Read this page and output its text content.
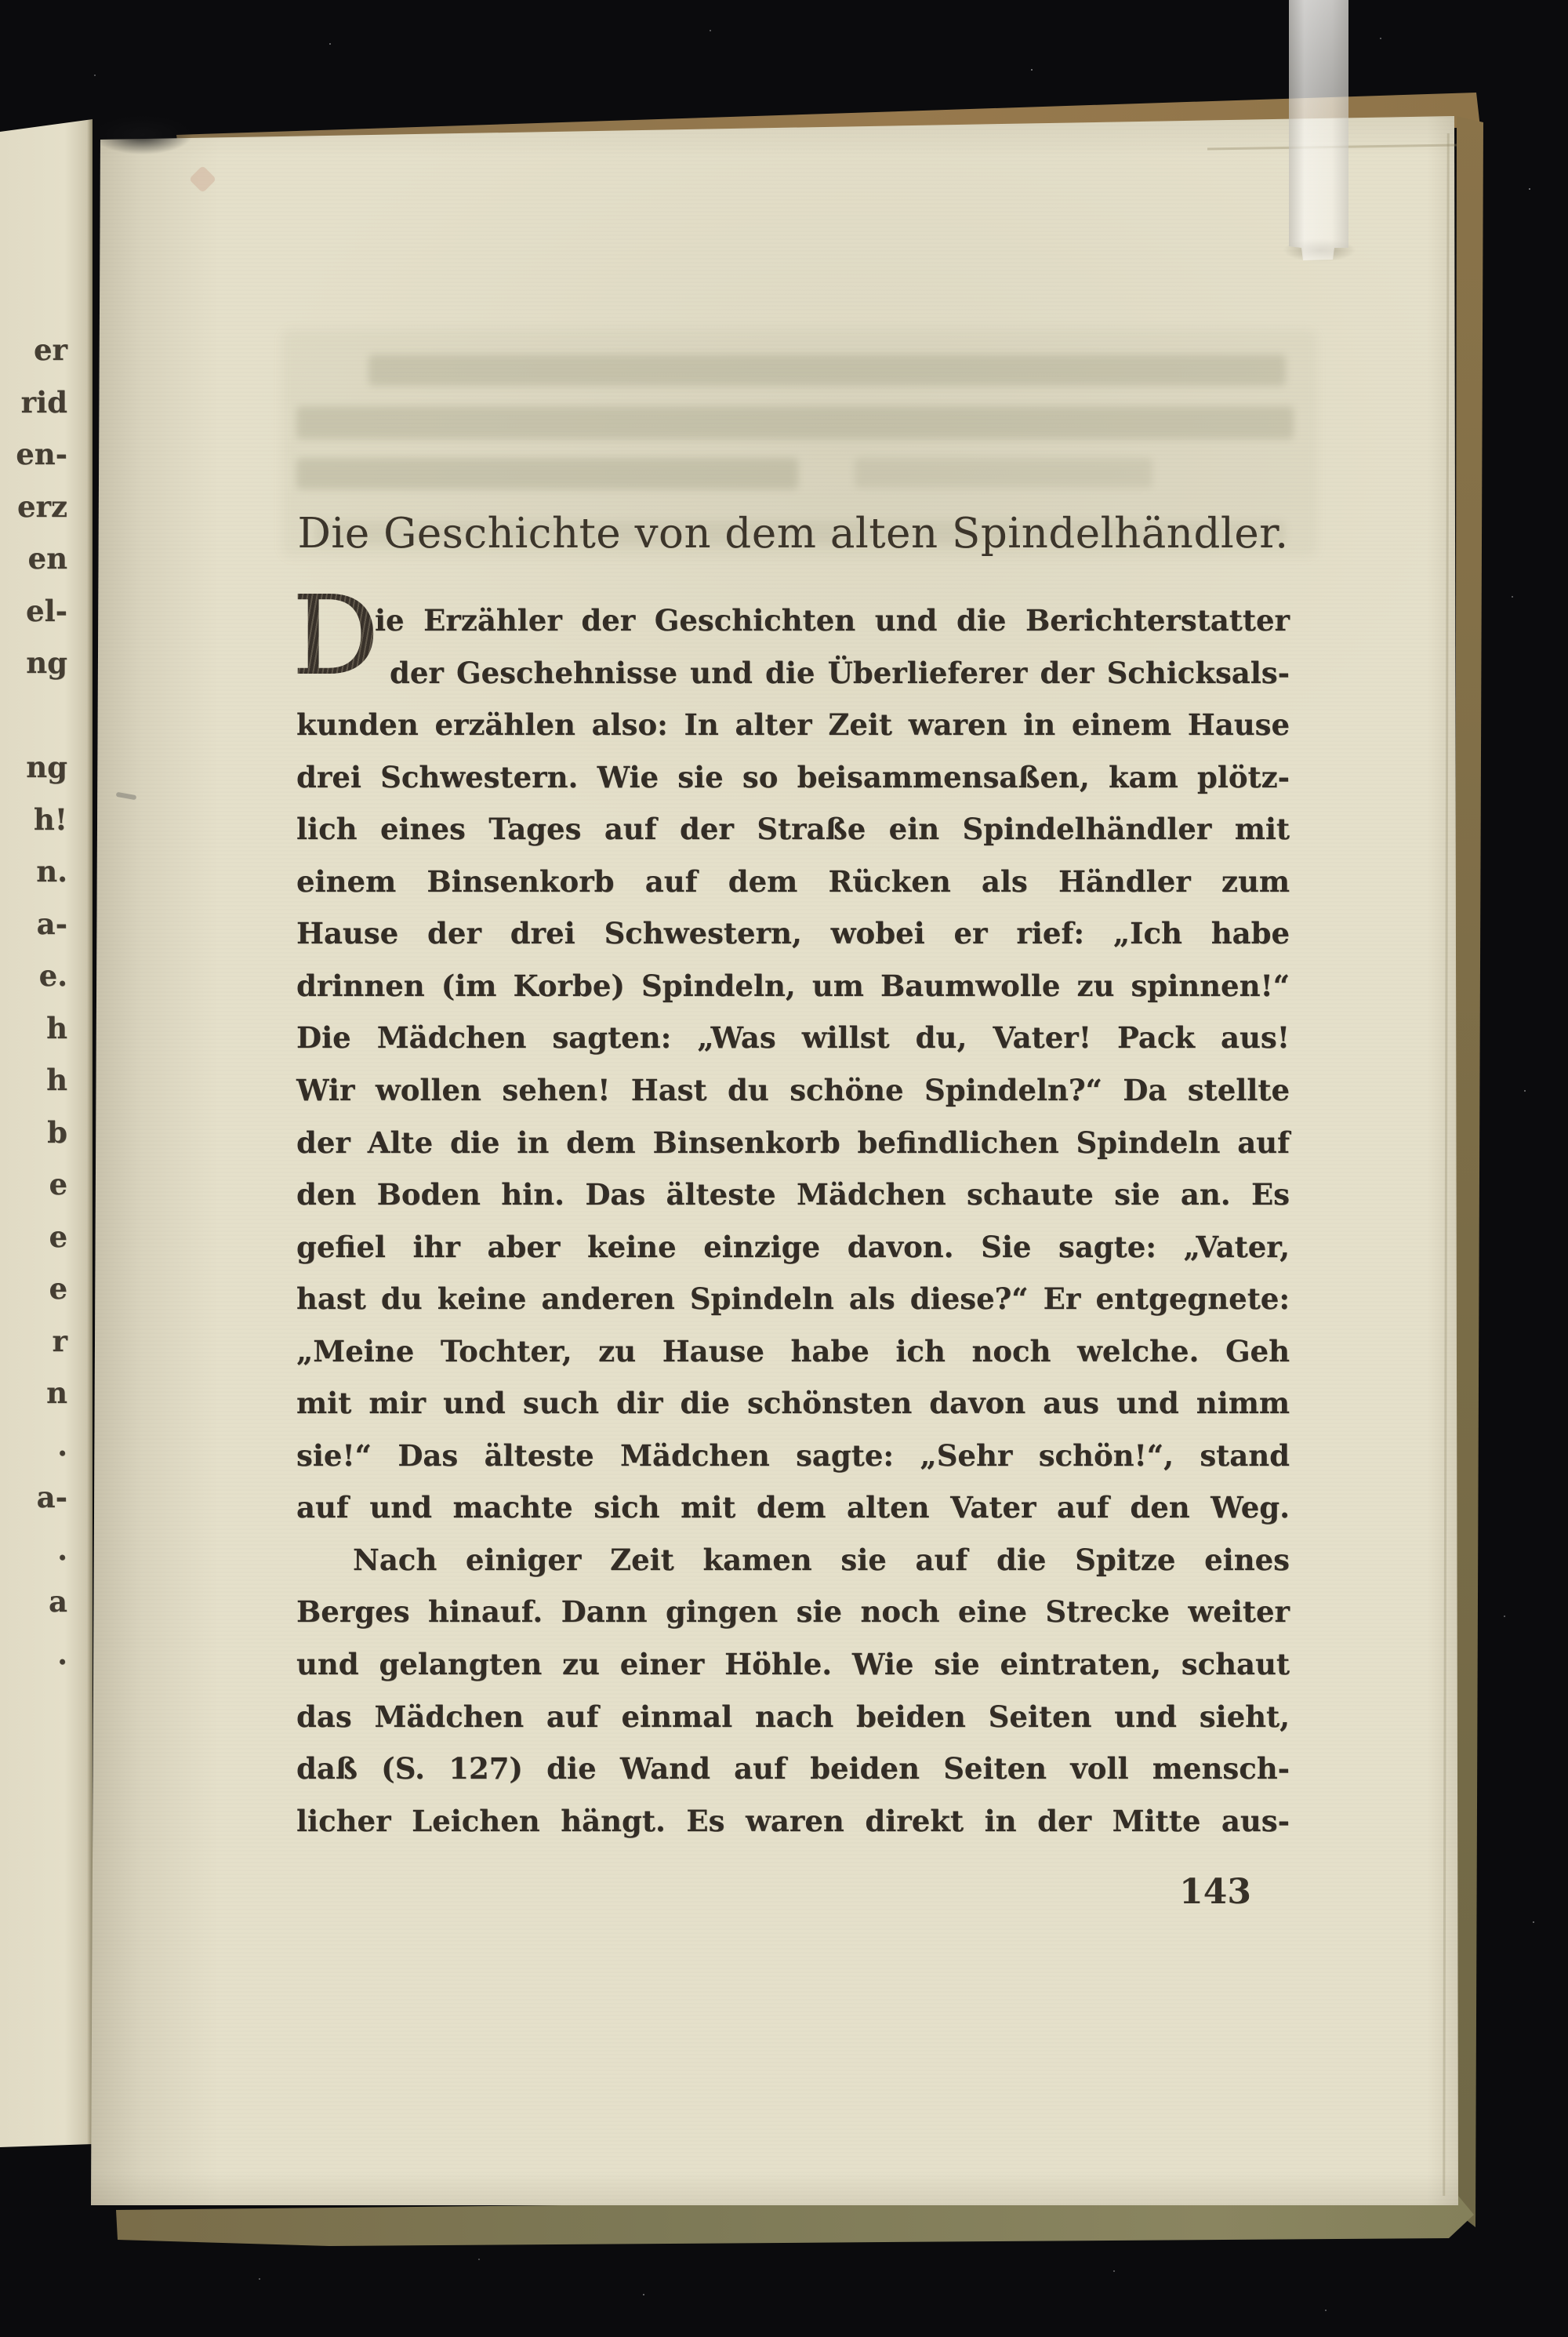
Die Geschichte von dem alten Spindelhändler.
D
ie Erzähler der Geschichten und die Berichterstatter
der Geschehnisse und die Überlieferer der Schicksals-
kunden erzählen also: In alter Zeit waren in einem Hause
drei Schwestern. Wie sie so beisammensaßen, kam plötz-
lich eines Tages auf der Straße ein Spindelhändler mit
einem Binsenkorb auf dem Rücken als Händler zum
Hause der drei Schwestern, wobei er rief: „Ich habe
drinnen (im Korbe) Spindeln, um Baumwolle zu spinnen!“
Die Mädchen sagten: „Was willst du, Vater! Pack aus!
Wir wollen sehen! Hast du schöne Spindeln?“ Da stellte
der Alte die in dem Binsenkorb befindlichen Spindeln auf
den Boden hin. Das älteste Mädchen schaute sie an. Es
gefiel ihr aber keine einzige davon. Sie sagte: „Vater,
hast du keine anderen Spindeln als diese?“ Er entgegnete:
„Meine Tochter, zu Hause habe ich noch welche. Geh
mit mir und such dir die schönsten davon aus und nimm
sie!“ Das älteste Mädchen sagte: „Sehr schön!“, stand
auf und machte sich mit dem alten Vater auf den Weg.
Nach einiger Zeit kamen sie auf die Spitze eines
Berges hinauf. Dann gingen sie noch eine Strecke weiter
und gelangten zu einer Höhle. Wie sie eintraten, schaut
das Mädchen auf einmal nach beiden Seiten und sieht,
daß (S. 127) die Wand auf beiden Seiten voll mensch-
licher Leichen hängt. Es waren direkt in der Mitte aus-
er
rid
en-
erz
en
el-
ng
ng
h!
n.
a-
e.
h
h
b
e
e
e
r
n
.
a-
.
a
.
143
